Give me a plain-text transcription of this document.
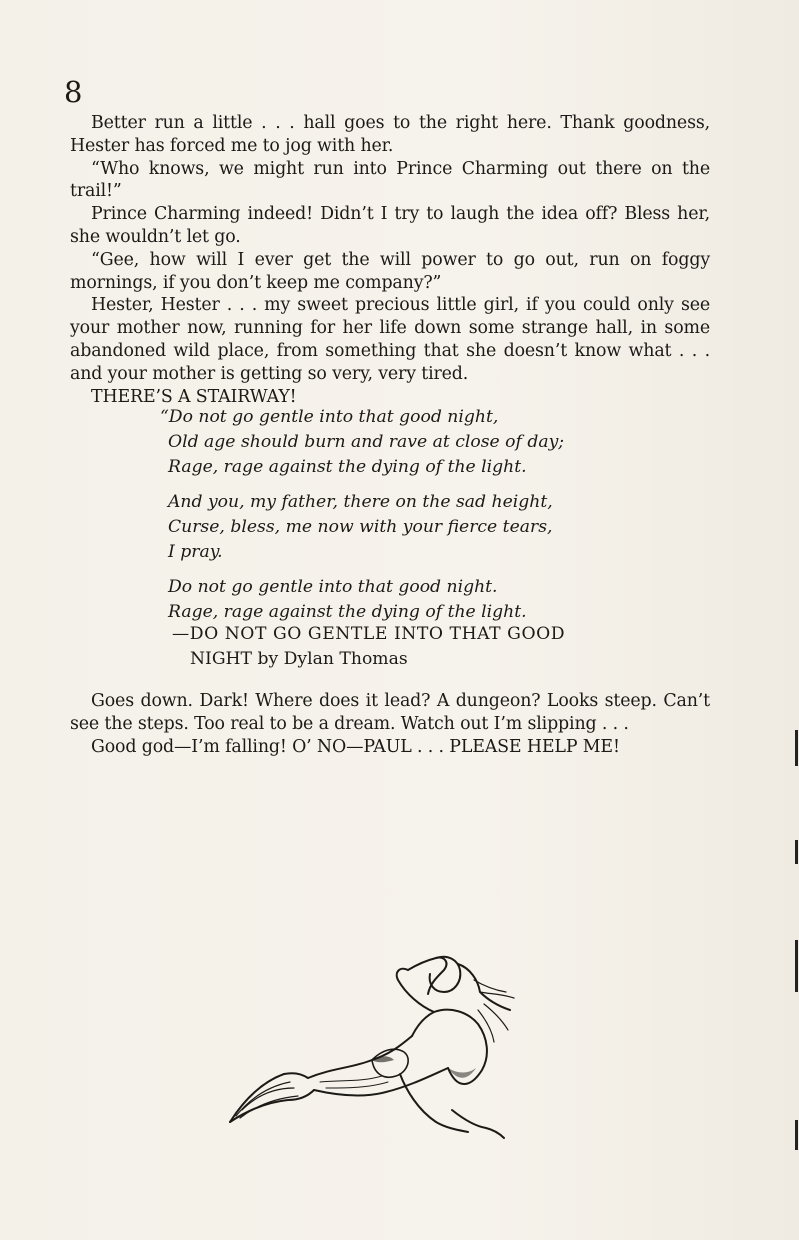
8

Better run a little . . . hall goes to the right here. Thank goodness, Hester has forced me to jog with her.

“Who knows, we might run into Prince Charming out there on the trail!”

Prince Charming indeed! Didn’t I try to laugh the idea off? Bless her, she wouldn’t let go.

“Gee, how will I ever get the will power to go out, run on foggy mornings, if you don’t keep me company?”

Hester, Hester . . . my sweet precious little girl, if you could only see your mother now, running for her life down some strange hall, in some abandoned wild place, from something that she doesn’t know what . . . and your mother is getting so very, very tired.

THERE’S A STAIRWAY!

“Do not go gentle into that good night,
Old age should burn and rave at close of day;
Rage, rage against the dying of the light.
And you, my father, there on the sad height,
Curse, bless, me now with your fierce tears,
I pray.
Do not go gentle into that good night.
Rage, rage against the dying of the light.
—DO NOT GO GENTLE INTO THAT GOOD
NIGHT by Dylan Thomas

Goes down. Dark! Where does it lead? A dungeon? Looks steep. Can’t see the steps. Too real to be a dream. Watch out I’m slipping . . .

Good god—I’m falling! O’ NO—PAUL . . . PLEASE HELP ME!
